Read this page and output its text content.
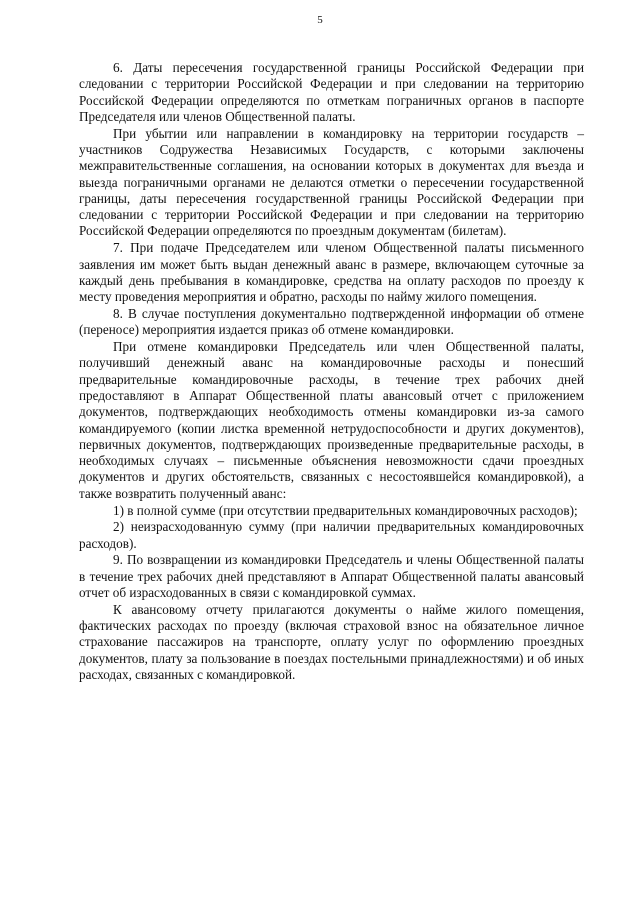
5

6. Даты пересечения государственной границы Российской Федерации при следовании с территории Российской Федерации и при следовании на территорию Российской Федерации определяются по отметкам пограничных органов в паспорте Председателя или членов Общественной палаты.

При убытии или направлении в командировку на территории государств – участников Содружества Независимых Государств, с которыми заключены межправительственные соглашения, на основании которых в документах для въезда и выезда пограничными органами не делаются отметки о пересечении государственной границы, даты пересечения государственной границы Российской Федерации при следовании с территории Российской Федерации и при следовании на территорию Российской Федерации определяются по проездным документам (билетам).

7. При подаче Председателем или членом Общественной палаты письменного заявления им может быть выдан денежный аванс в размере, включающем суточные за каждый день пребывания в командировке, средства на оплату расходов по проезду к месту проведения мероприятия и обратно, расходы по найму жилого помещения.

8. В случае поступления документально подтвержденной информации об отмене (переносе) мероприятия издается приказ об отмене командировки.

При отмене командировки Председатель или член Общественной палаты, получивший денежный аванс на командировочные расходы и понесший предварительные командировочные расходы, в течение трех рабочих дней предоставляют в Аппарат Общественной платы авансовый отчет с приложением документов, подтверждающих необходимость отмены командировки из-за самого командируемого (копии листка временной нетрудоспособности и других документов), первичных документов, подтверждающих произведенные предварительные расходы, в необходимых случаях – письменные объяснения невозможности сдачи проездных документов и других обстоятельств, связанных с несостоявшейся командировкой), а также возвратить полученный аванс:

1) в полной сумме (при отсутствии предварительных командировочных расходов);

2) неизрасходованную сумму (при наличии предварительных командировочных расходов).

9. По возвращении из командировки Председатель и члены Общественной палаты в течение трех рабочих дней представляют в Аппарат Общественной палаты авансовый отчет об израсходованных в связи с командировкой суммах.

К авансовому отчету прилагаются документы о найме жилого помещения, фактических расходах по проезду (включая страховой взнос на обязательное личное страхование пассажиров на транспорте, оплату услуг по оформлению проездных документов, плату за пользование в поездах постельными принадлежностями) и об иных расходах, связанных с командировкой.
